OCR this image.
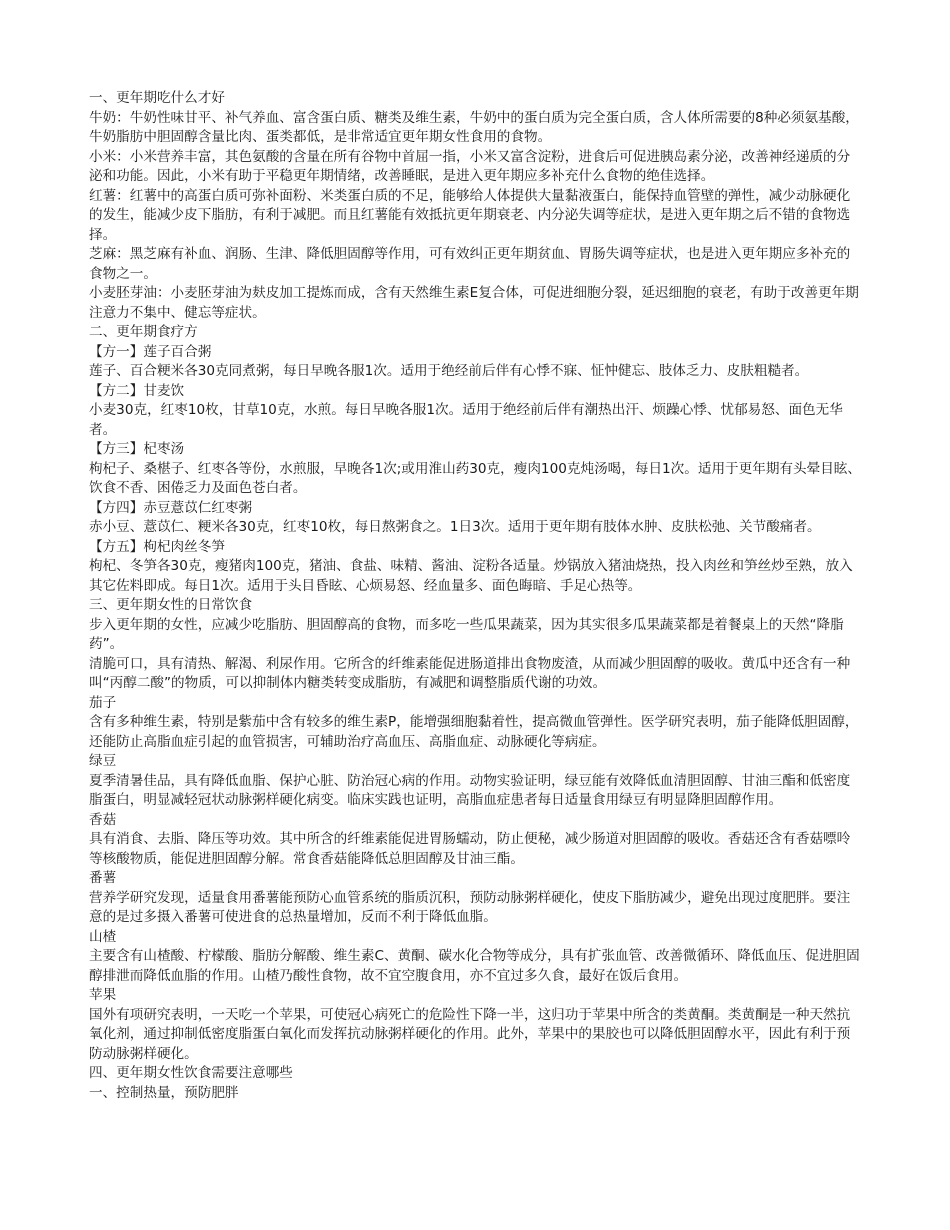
一、更年期吃什么才好

牛奶：牛奶性味甘平、补气养血、富含蛋白质、糖类及维生素，牛奶中的蛋白质为完全蛋白质，含人体所需要的8种必须氨基酸，牛奶脂肪中胆固醇含量比肉、蛋类都低，是非常适宜更年期女性食用的食物。

小米：小米营养丰富，其色氨酸的含量在所有谷物中首屈一指，小米又富含淀粉，进食后可促进胰岛素分泌，改善神经递质的分泌和功能。因此，小米有助于平稳更年期情绪，改善睡眠，是进入更年期应多补充什么食物的绝佳选择。

红薯：红薯中的高蛋白质可弥补面粉、米类蛋白质的不足，能够给人体提供大量黏液蛋白，能保持血管壁的弹性，减少动脉硬化的发生，能减少皮下脂肪，有利于减肥。而且红薯能有效抵抗更年期衰老、内分泌失调等症状，是进入更年期之后不错的食物选择。

芝麻：黑芝麻有补血、润肠、生津、降低胆固醇等作用，可有效纠正更年期贫血、胃肠失调等症状，也是进入更年期应多补充的食物之一。

小麦胚芽油：小麦胚芽油为麸皮加工提炼而成，含有天然维生素E复合体，可促进细胞分裂，延迟细胞的衰老，有助于改善更年期注意力不集中、健忘等症状。

二、更年期食疗方

【方一】莲子百合粥

莲子、百合粳米各30克同煮粥，每日早晚各服1次。适用于绝经前后伴有心悸不寐、怔忡健忘、肢体乏力、皮肤粗糙者。

【方二】甘麦饮

小麦30克，红枣10枚，甘草10克，水煎。每日早晚各服1次。适用于绝经前后伴有潮热出汗、烦躁心悸、忧郁易怒、面色无华者。

【方三】杞枣汤

枸杞子、桑椹子、红枣各等份，水煎服，早晚各1次;或用淮山药30克，瘦肉100克炖汤喝，每日1次。适用于更年期有头晕目眩、饮食不香、困倦乏力及面色苍白者。

【方四】赤豆薏苡仁红枣粥

赤小豆、薏苡仁、粳米各30克，红枣10枚，每日熬粥食之。1日3次。适用于更年期有肢体水肿、皮肤松弛、关节酸痛者。

【方五】枸杞肉丝冬笋

枸杞、冬笋各30克，瘦猪肉100克，猪油、食盐、味精、酱油、淀粉各适量。炒锅放入猪油烧热，投入肉丝和笋丝炒至熟，放入其它佐料即成。每日1次。适用于头目昏眩、心烦易怒、经血量多、面色晦暗、手足心热等。

三、更年期女性的日常饮食

步入更年期的女性，应减少吃脂肪、胆固醇高的食物，而多吃一些瓜果蔬菜，因为其实很多瓜果蔬菜都是着餐桌上的天然“降脂药”。

清脆可口，具有清热、解渴、利尿作用。它所含的纤维素能促进肠道排出食物废渣，从而减少胆固醇的吸收。黄瓜中还含有一种叫“丙醇二酸”的物质，可以抑制体内糖类转变成脂肪，有减肥和调整脂质代谢的功效。

茄子

含有多种维生素，特别是紫茄中含有较多的维生素P，能增强细胞黏着性，提高微血管弹性。医学研究表明，茄子能降低胆固醇，还能防止高脂血症引起的血管损害，可辅助治疗高血压、高脂血症、动脉硬化等病症。

绿豆

夏季清暑佳品，具有降低血脂、保护心脏、防治冠心病的作用。动物实验证明，绿豆能有效降低血清胆固醇、甘油三酯和低密度脂蛋白，明显减轻冠状动脉粥样硬化病变。临床实践也证明，高脂血症患者每日适量食用绿豆有明显降胆固醇作用。

香菇

具有消食、去脂、降压等功效。其中所含的纤维素能促进胃肠蠕动，防止便秘，减少肠道对胆固醇的吸收。香菇还含有香菇嘌呤等核酸物质，能促进胆固醇分解。常食香菇能降低总胆固醇及甘油三酯。

番薯

营养学研究发现，适量食用番薯能预防心血管系统的脂质沉积，预防动脉粥样硬化，使皮下脂肪减少，避免出现过度肥胖。要注意的是过多摄入番薯可使进食的总热量增加，反而不利于降低血脂。

山楂

主要含有山楂酸、柠檬酸、脂肪分解酸、维生素C、黄酮、碳水化合物等成分，具有扩张血管、改善微循环、降低血压、促进胆固醇排泄而降低血脂的作用。山楂乃酸性食物，故不宜空腹食用，亦不宜过多久食，最好在饭后食用。

苹果

国外有项研究表明，一天吃一个苹果，可使冠心病死亡的危险性下降一半，这归功于苹果中所含的类黄酮。类黄酮是一种天然抗氧化剂，通过抑制低密度脂蛋白氧化而发挥抗动脉粥样硬化的作用。此外，苹果中的果胶也可以降低胆固醇水平，因此有利于预防动脉粥样硬化。

四、更年期女性饮食需要注意哪些

一、控制热量，预防肥胖
